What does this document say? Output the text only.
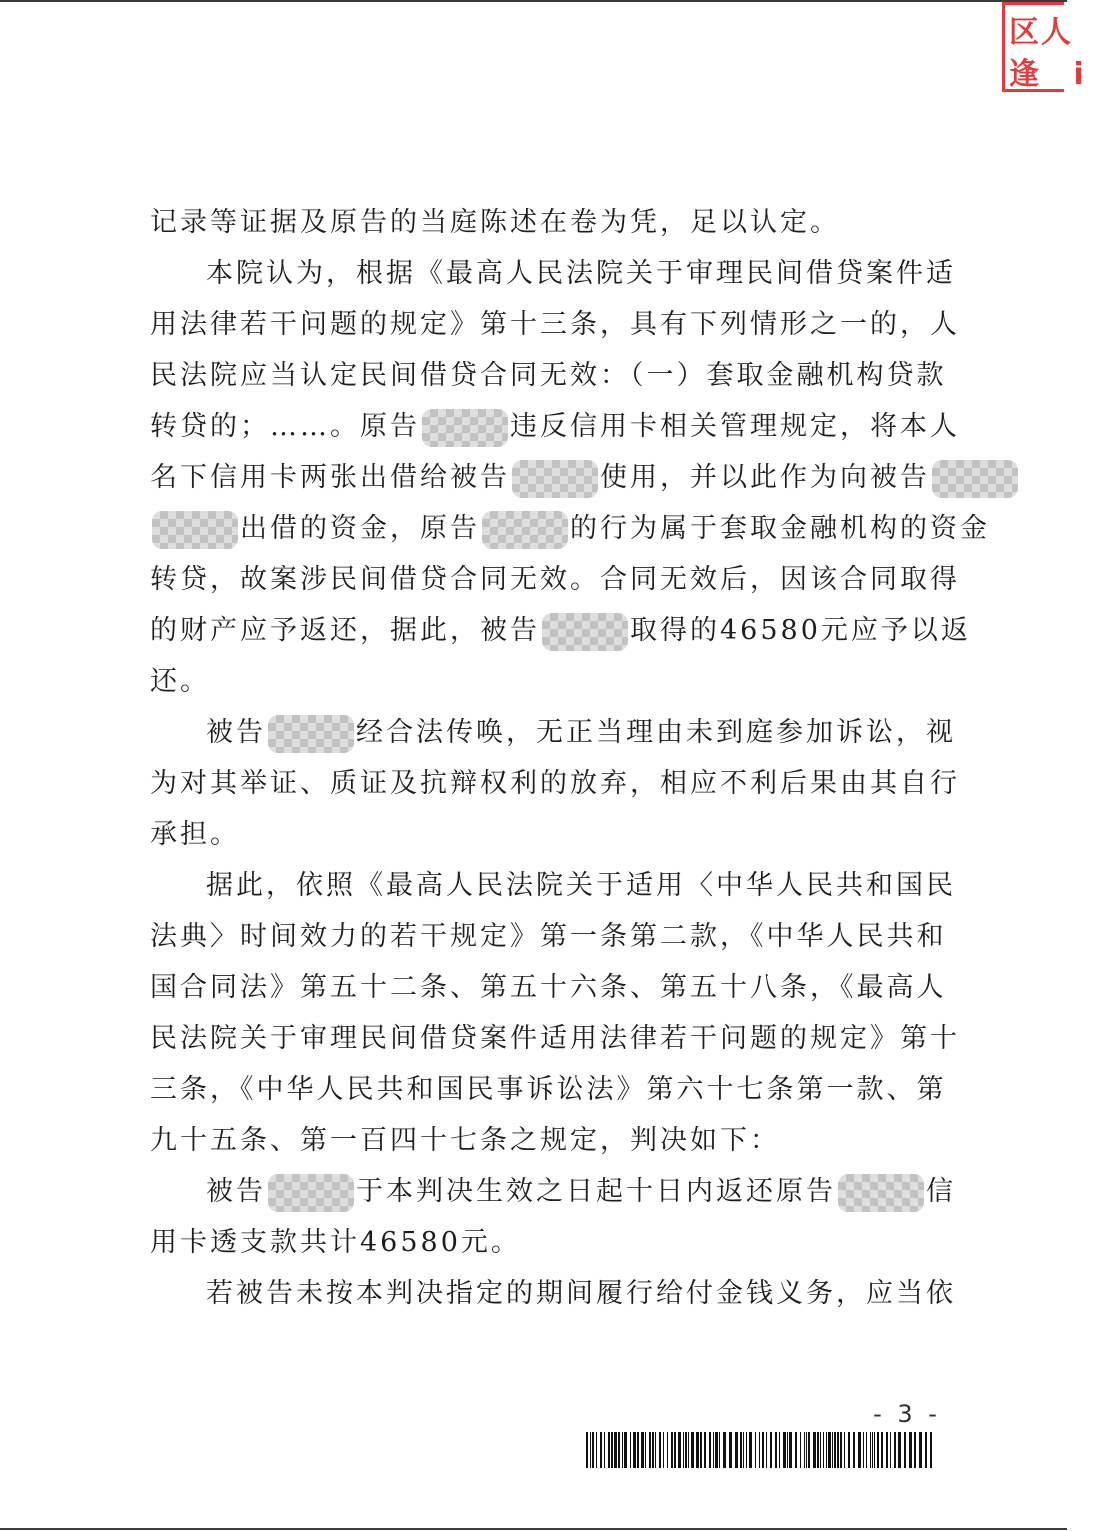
区人
逢 i
记录等证据及原告的当庭陈述在卷为凭，足以认定。
本院认为，根据《最高人民法院关于审理民间借贷案件适
用法律若干问题的规定》第十三条，具有下列情形之一的，人
民法院应当认定民间借贷合同无效：（一）套取金融机构贷款
转贷的；……。原告	违反信用卡相关管理规定，将本人
名下信用卡两张出借给被告	使用，并以此作为向被告
出借的资金，原告	的行为属于套取金融机构的资金
转贷，故案涉民间借贷合同无效。合同无效后，因该合同取得
的财产应予返还，据此，被告	取得的46580元应予以返
还。
被告	经合法传唤，无正当理由未到庭参加诉讼，视
为对其举证、质证及抗辩权利的放弃，相应不利后果由其自行
承担。
据此，依照《最高人民法院关于适用〈中华人民共和国民
法典〉时间效力的若干规定》第一条第二款，《中华人民共和
国合同法》第五十二条、第五十六条、第五十八条，《最高人
民法院关于审理民间借贷案件适用法律若干问题的规定》第十
三条，《中华人民共和国民事诉讼法》第六十七条第一款、第
九十五条、第一百四十七条之规定，判决如下：
被告	于本判决生效之日起十日内返还原告	信
用卡透支款共计46580元。
若被告未按本判决指定的期间履行给付金钱义务，应当依
- 3 -
